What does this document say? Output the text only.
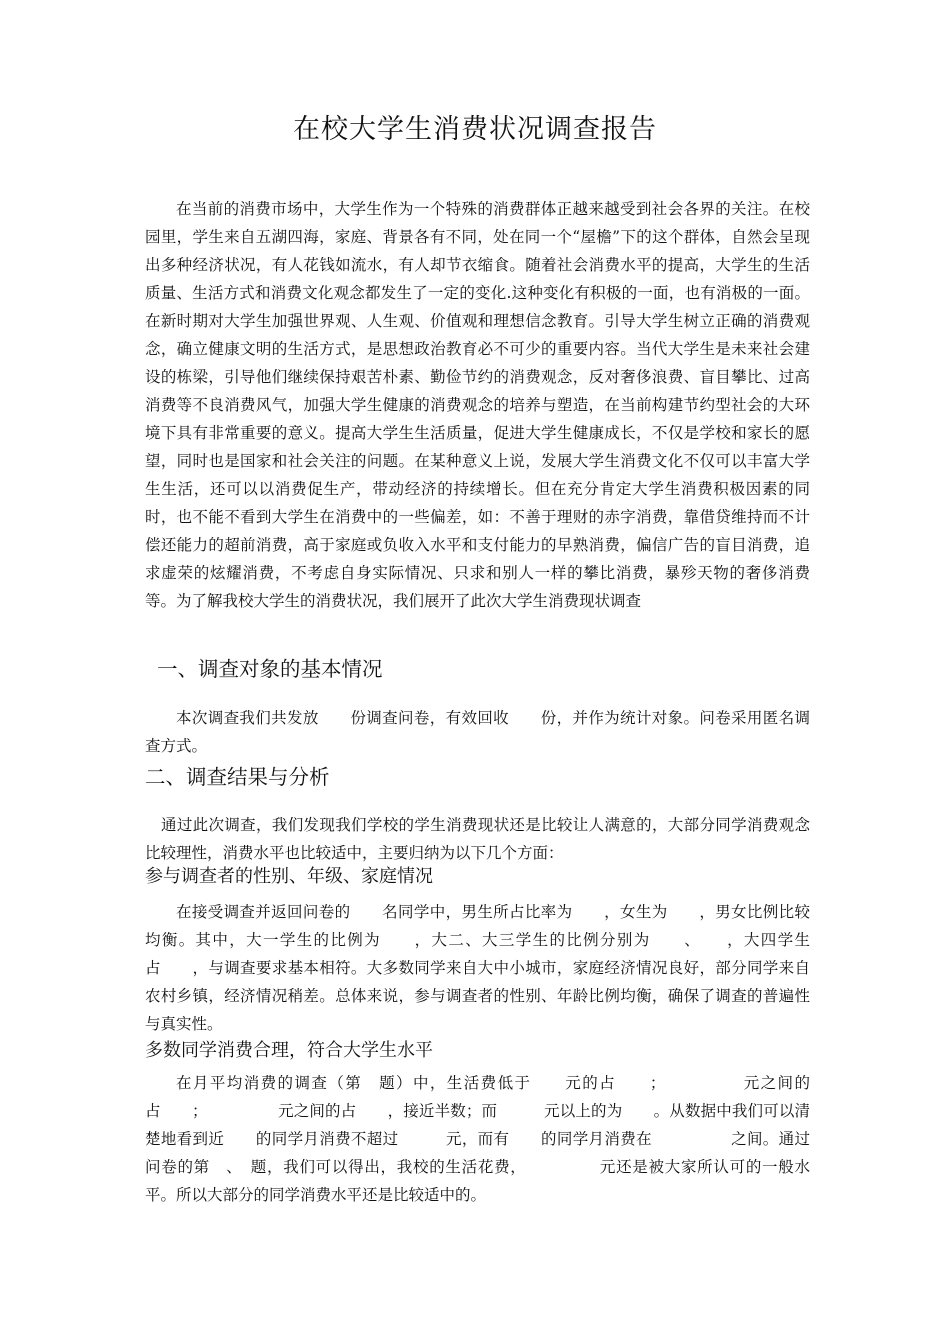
在校大学生消费状况调查报告

在当前的消费市场中，大学生作为一个特殊的消费群体正越来越受到社会各界的关注。在校园里，学生来自五湖四海，家庭、背景各有不同，处在同一个“屋檐”下的这个群体，自然会呈现出多种经济状况，有人花钱如流水，有人却节衣缩食。随着社会消费水平的提高，大学生的生活质量、生活方式和消费文化观念都发生了一定的变化.这种变化有积极的一面，也有消极的一面。在新时期对大学生加强世界观、人生观、价值观和理想信念教育。引导大学生树立正确的消费观念，确立健康文明的生活方式，是思想政治教育必不可少的重要内容。当代大学生是未来社会建设的栋梁，引导他们继续保持艰苦朴素、勤俭节约的消费观念，反对奢侈浪费、盲目攀比、过高消费等不良消费风气，加强大学生健康的消费观念的培养与塑造，在当前构建节约型社会的大环境下具有非常重要的意义。提高大学生生活质量，促进大学生健康成长，不仅是学校和家长的愿望，同时也是国家和社会关注的问题。在某种意义上说，发展大学生消费文化不仅可以丰富大学生生活，还可以以消费促生产，带动经济的持续增长。但在充分肯定大学生消费积极因素的同时，也不能不看到大学生在消费中的一些偏差，如：不善于理财的赤字消费，靠借贷维持而不计偿还能力的超前消费，高于家庭或负收入水平和支付能力的早熟消费，偏信广告的盲目消费，追求虚荣的炫耀消费，不考虑自身实际情况、只求和别人一样的攀比消费，暴殄天物的奢侈消费等。为了解我校大学生的消费状况，我们展开了此次大学生消费现状调查

一、调查对象的基本情况

本次调查我们共发放　　份调查问卷，有效回收　　份，并作为统计对象。问卷采用匿名调查方式。

二、调查结果与分析

通过此次调查，我们发现我们学校的学生消费现状还是比较让人满意的，大部分同学消费观念比较理性，消费水平也比较适中，主要归纳为以下几个方面：

参与调查者的性别、年级、家庭情况

在接受调查并返回问卷的　　名同学中，男生所占比率为　　，女生为　　，男女比例比较均衡。其中，大一学生的比例为　　，大二、大三学生的比例分别为　　、　　，大四学生占　　，与调查要求基本相符。大多数同学来自大中小城市，家庭经济情况良好，部分同学来自农村乡镇，经济情况稍差。总体来说，参与调查者的性别、年龄比例均衡，确保了调查的普遍性与真实性。

多数同学消费合理，符合大学生水平

在月平均消费的调查（第　题）中，生活费低于　　元的占　　；　　　　　元之间的占　　；　　　　　元之间的占　　，接近半数；而　　　元以上的为　　。从数据中我们可以清楚地看到近　　的同学月消费不超过　　　元，而有　　的同学月消费在　　　　　之间。通过问卷的第　、　题，我们可以得出，我校的生活花费，　　　　　元还是被大家所认可的一般水平。所以大部分的同学消费水平还是比较适中的。
